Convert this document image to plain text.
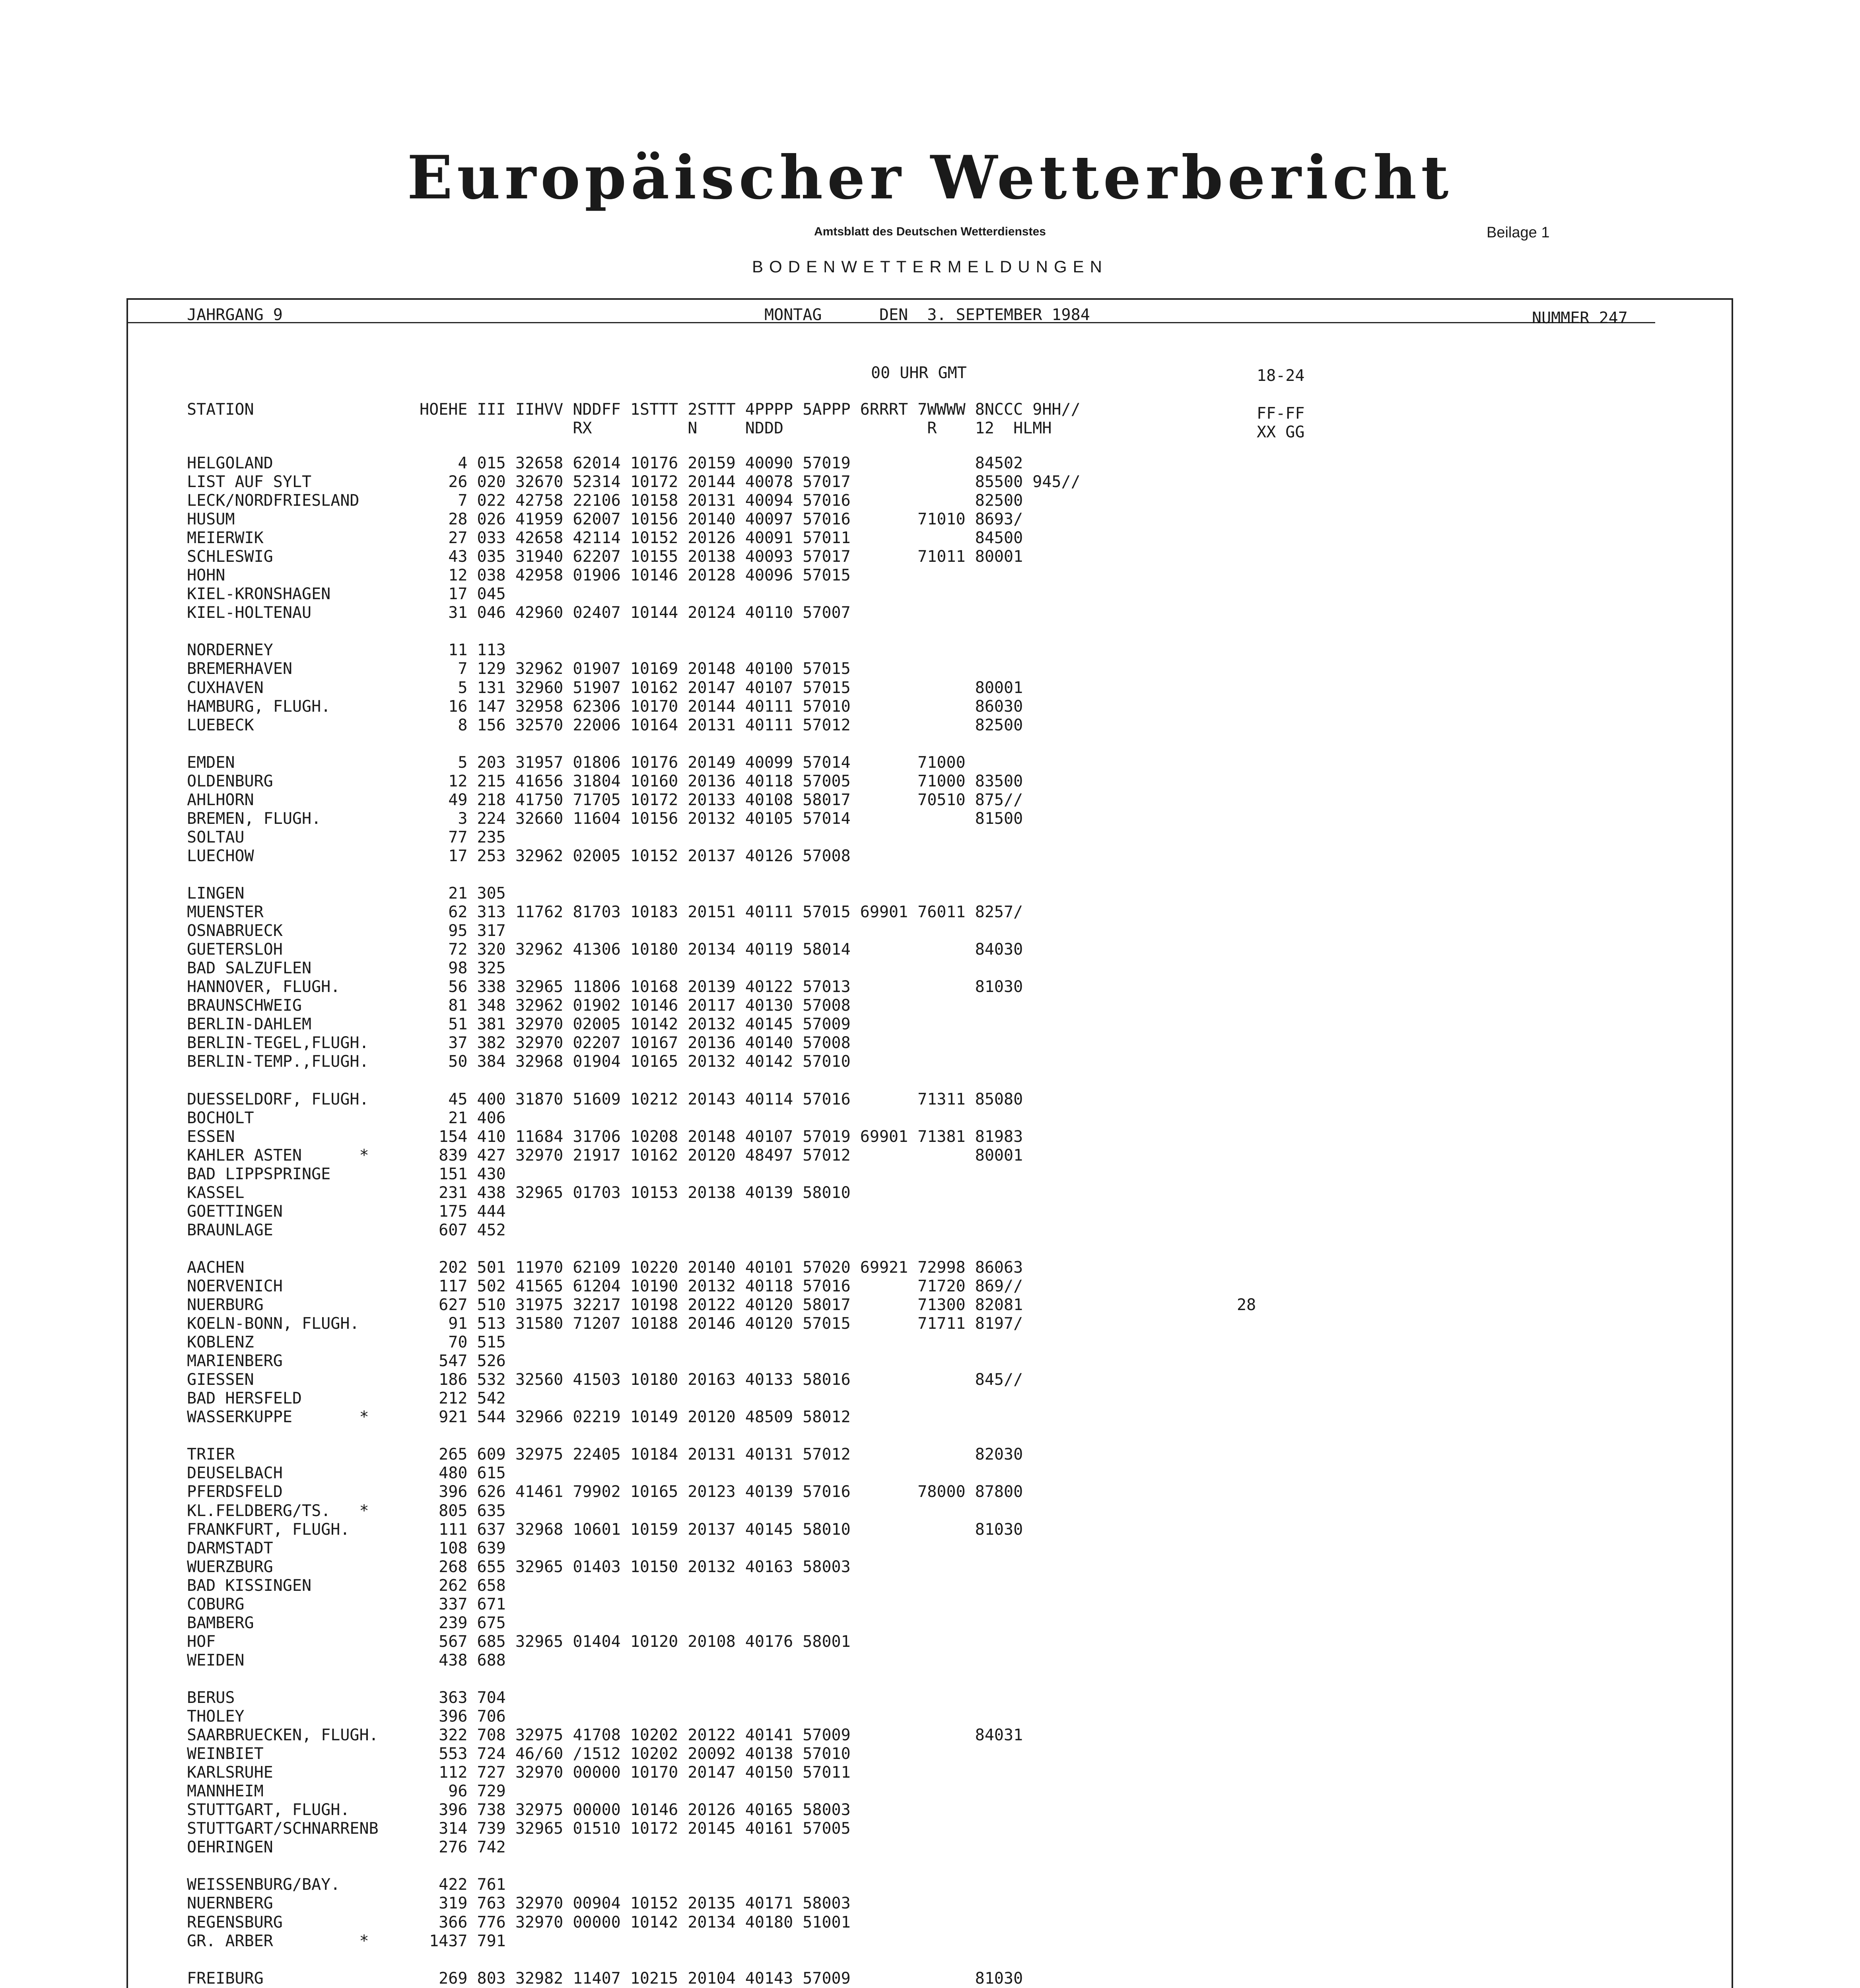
Europäischer Wetterbericht
Amtsblatt des Deutschen Wetterdienstes	Beilage 1
BODENWETTERMELDUNGEN
JAHRGANG 9	MONTAG      DEN  3. SEPTEMBER 1984	NUMMER 247
00 UHR GMT	18-24
STATION	HOEHE III IIHVV NDDFF 1STTT 2STTT 4PPPP 5APPP 6RRRT 7WWWW 8NCCC 9HH//
RX          N     NDDD               R    12  HLMH
FF-FF
XX GG
HELGOLAND	4 015 32658 62014 10176 20159 40090 57019             84502
LIST AUF SYLT	26 020 32670 52314 10172 20144 40078 57017             85500 945//
LECK/NORDFRIESLAND	7 022 42758 22106 10158 20131 40094 57016             82500
HUSUM	28 026 41959 62007 10156 20140 40097 57016       71010 8693/
MEIERWIK	27 033 42658 42114 10152 20126 40091 57011             84500
SCHLESWIG	43 035 31940 62207 10155 20138 40093 57017       71011 80001
HOHN	12 038 42958 01906 10146 20128 40096 57015
KIEL-KRONSHAGEN	17 045
KIEL-HOLTENAU	31 046 42960 02407 10144 20124 40110 57007
NORDERNEY	11 113
BREMERHAVEN	7 129 32962 01907 10169 20148 40100 57015
CUXHAVEN	5 131 32960 51907 10162 20147 40107 57015             80001
HAMBURG, FLUGH.	16 147 32958 62306 10170 20144 40111 57010             86030
LUEBECK	8 156 32570 22006 10164 20131 40111 57012             82500
EMDEN	5 203 31957 01806 10176 20149 40099 57014       71000
OLDENBURG	12 215 41656 31804 10160 20136 40118 57005       71000 83500
AHLHORN	49 218 41750 71705 10172 20133 40108 58017       70510 875//
BREMEN, FLUGH.	3 224 32660 11604 10156 20132 40105 57014             81500
SOLTAU	77 235
LUECHOW	17 253 32962 02005 10152 20137 40126 57008
LINGEN	21 305
MUENSTER	62 313 11762 81703 10183 20151 40111 57015 69901 76011 8257/
OSNABRUECK	95 317
GUETERSLOH	72 320 32962 41306 10180 20134 40119 58014             84030
BAD SALZUFLEN	98 325
HANNOVER, FLUGH.	56 338 32965 11806 10168 20139 40122 57013             81030
BRAUNSCHWEIG	81 348 32962 01902 10146 20117 40130 57008
BERLIN-DAHLEM	51 381 32970 02005 10142 20132 40145 57009
BERLIN-TEGEL,FLUGH.	37 382 32970 02207 10167 20136 40140 57008
BERLIN-TEMP.,FLUGH.	50 384 32968 01904 10165 20132 40142 57010
DUESSELDORF, FLUGH.	45 400 31870 51609 10212 20143 40114 57016       71311 85080
BOCHOLT	21 406
ESSEN	154 410 11684 31706 10208 20148 40107 57019 69901 71381 81983
KAHLER ASTEN      *	839 427 32970 21917 10162 20120 48497 57012             80001
BAD LIPPSPRINGE	151 430
KASSEL	231 438 32965 01703 10153 20138 40139 58010
GOETTINGEN	175 444
BRAUNLAGE	607 452
AACHEN	202 501 11970 62109 10220 20140 40101 57020 69921 72998 86063
NOERVENICH	117 502 41565 61204 10190 20132 40118 57016       71720 869//
NUERBURG	627 510 31975 32217 10198 20122 40120 58017       71300 82081	28
KOELN-BONN, FLUGH.	91 513 31580 71207 10188 20146 40120 57015       71711 8197/
KOBLENZ	70 515
MARIENBERG	547 526
GIESSEN	186 532 32560 41503 10180 20163 40133 58016             845//
BAD HERSFELD	212 542
WASSERKUPPE       *	921 544 32966 02219 10149 20120 48509 58012
TRIER	265 609 32975 22405 10184 20131 40131 57012             82030
DEUSELBACH	480 615
PFERDSFELD	396 626 41461 79902 10165 20123 40139 57016       78000 87800
KL.FELDBERG/TS.   *	805 635
FRANKFURT, FLUGH.	111 637 32968 10601 10159 20137 40145 58010             81030
DARMSTADT	108 639
WUERZBURG	268 655 32965 01403 10150 20132 40163 58003
BAD KISSINGEN	262 658
COBURG	337 671
BAMBERG	239 675
HOF	567 685 32965 01404 10120 20108 40176 58001
WEIDEN	438 688
BERUS	363 704
THOLEY	396 706
SAARBRUECKEN, FLUGH.	322 708 32975 41708 10202 20122 40141 57009             84031
WEINBIET	553 724 46/60 /1512 10202 20092 40138 57010
KARLSRUHE	112 727 32970 00000 10170 20147 40150 57011
MANNHEIM	96 729
STUTTGART, FLUGH.	396 738 32975 00000 10146 20126 40165 58003
STUTTGART/SCHNARRENB	314 739 32965 01510 10172 20145 40161 57005
OEHRINGEN	276 742
WEISSENBURG/BAY.	422 761
NUERNBERG	319 763 32970 00904 10152 20135 40171 58003
REGENSBURG	366 776 32970 00000 10142 20134 40180 51001
GR. ARBER         *	1437 791
FREIBURG	269 803 32982 11407 10215 20104 40143 57009             81030
